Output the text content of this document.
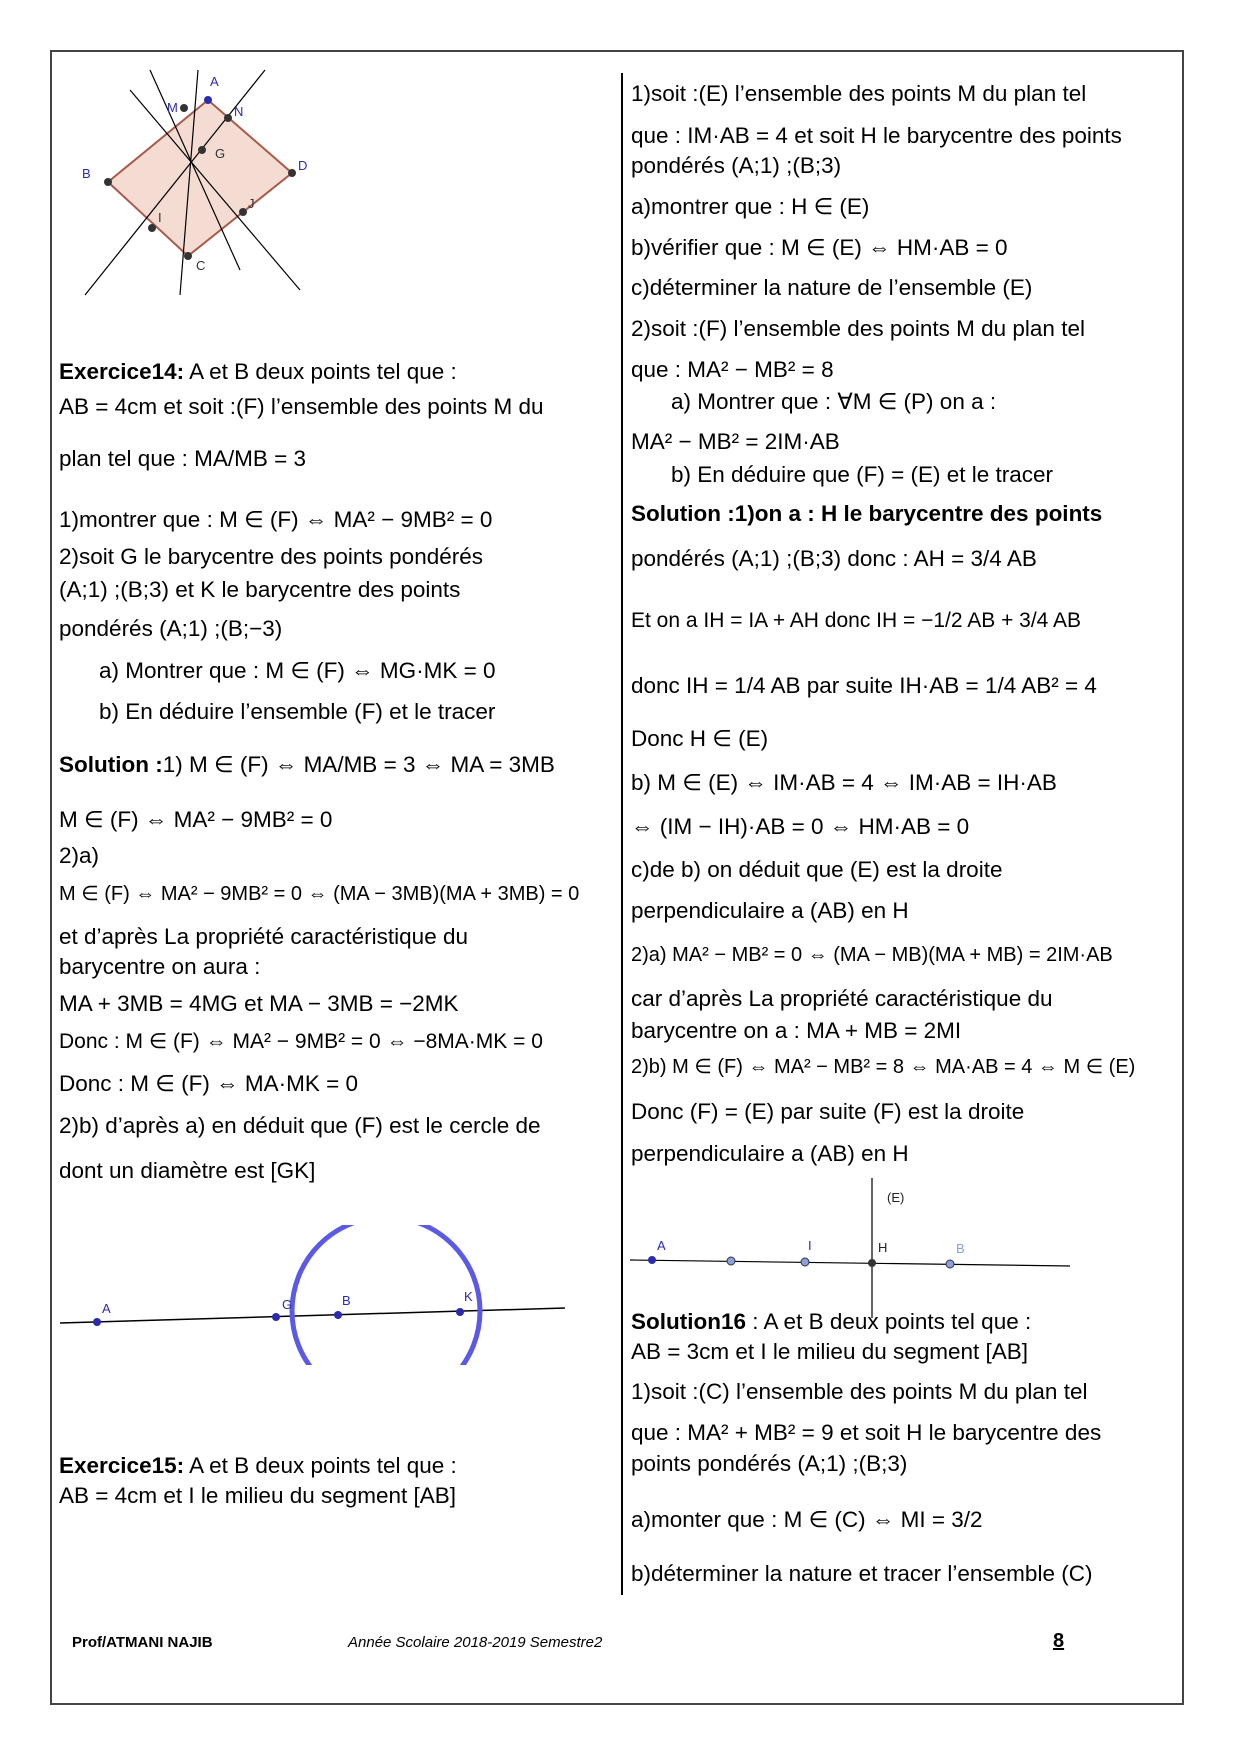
A
M	N
G
B
D
I
J
C
A	G	B	K
(E)
A	I	H	B
Exercice14: A et B deux points tel que :
AB = 4cm et soit :(F) l’ensemble des points M du
plan tel que : MA/MB = 3
1)montrer que : M ∈ (F) ⇔ MA² − 9MB² = 0
2)soit G le barycentre des points pondérés
(A;1) ;(B;3) et K le barycentre des points
pondérés (A;1) ;(B;−3)
a) Montrer que : M ∈ (F) ⇔ MG·MK = 0
b) En déduire l’ensemble (F) et le tracer
Solution :1) M ∈ (F) ⇔ MA/MB = 3 ⇔ MA = 3MB
M ∈ (F) ⇔ MA² − 9MB² = 0
2)a)
M ∈ (F) ⇔ MA² − 9MB² = 0 ⇔ (MA − 3MB)(MA + 3MB) = 0
et d’après La propriété caractéristique du
barycentre on aura :
MA + 3MB = 4MG et MA − 3MB = −2MK
Donc : M ∈ (F) ⇔ MA² − 9MB² = 0 ⇔ −8MA·MK = 0
Donc : M ∈ (F) ⇔ MA·MK = 0
2)b) d’après a) en déduit que (F) est le cercle de
dont un diamètre est [GK]
Exercice15: A et B deux points tel que :
AB = 4cm et I le milieu du segment [AB]
1)soit :(E) l’ensemble des points M du plan tel
que : IM·AB = 4 et soit H le barycentre des points
pondérés (A;1) ;(B;3)
a)montrer que : H ∈ (E)
b)vérifier que : M ∈ (E) ⇔ HM·AB = 0
c)déterminer la nature de l’ensemble (E)
2)soit :(F) l’ensemble des points M du plan tel
que : MA² − MB² = 8
a) Montrer que : ∀M ∈ (P) on a :
MA² − MB² = 2IM·AB
b) En déduire que (F) = (E) et le tracer
Solution :1)on a : H le barycentre des points
pondérés (A;1) ;(B;3) donc : AH = 3/4 AB
Et on a IH = IA + AH donc IH = −1/2 AB + 3/4 AB
donc IH = 1/4 AB par suite IH·AB = 1/4 AB² = 4
Donc H ∈ (E)
b) M ∈ (E) ⇔ IM·AB = 4 ⇔ IM·AB = IH·AB
⇔ (IM − IH)·AB = 0 ⇔ HM·AB = 0
c)de b) on déduit que (E) est la droite
perpendiculaire a (AB) en H
2)a) MA² − MB² = 0 ⇔ (MA − MB)(MA + MB) = 2IM·AB
car d’après La propriété caractéristique du
barycentre on a : MA + MB = 2MI
2)b) M ∈ (F) ⇔ MA² − MB² = 8 ⇔ MA·AB = 4 ⇔ M ∈ (E)
Donc (F) = (E) par suite (F) est la droite
perpendiculaire a (AB) en H
Solution16 : A et B deux points tel que :
AB = 3cm et I le milieu du segment [AB]
1)soit :(C) l’ensemble des points M du plan tel
que : MA² + MB² = 9 et soit H le barycentre des
points pondérés (A;1) ;(B;3)
a)monter que : M ∈ (C) ⇔ MI = 3/2
b)déterminer la nature et tracer l’ensemble (C)
Prof/ATMANI NAJIB	Année Scolaire 2018-2019 Semestre2	8
